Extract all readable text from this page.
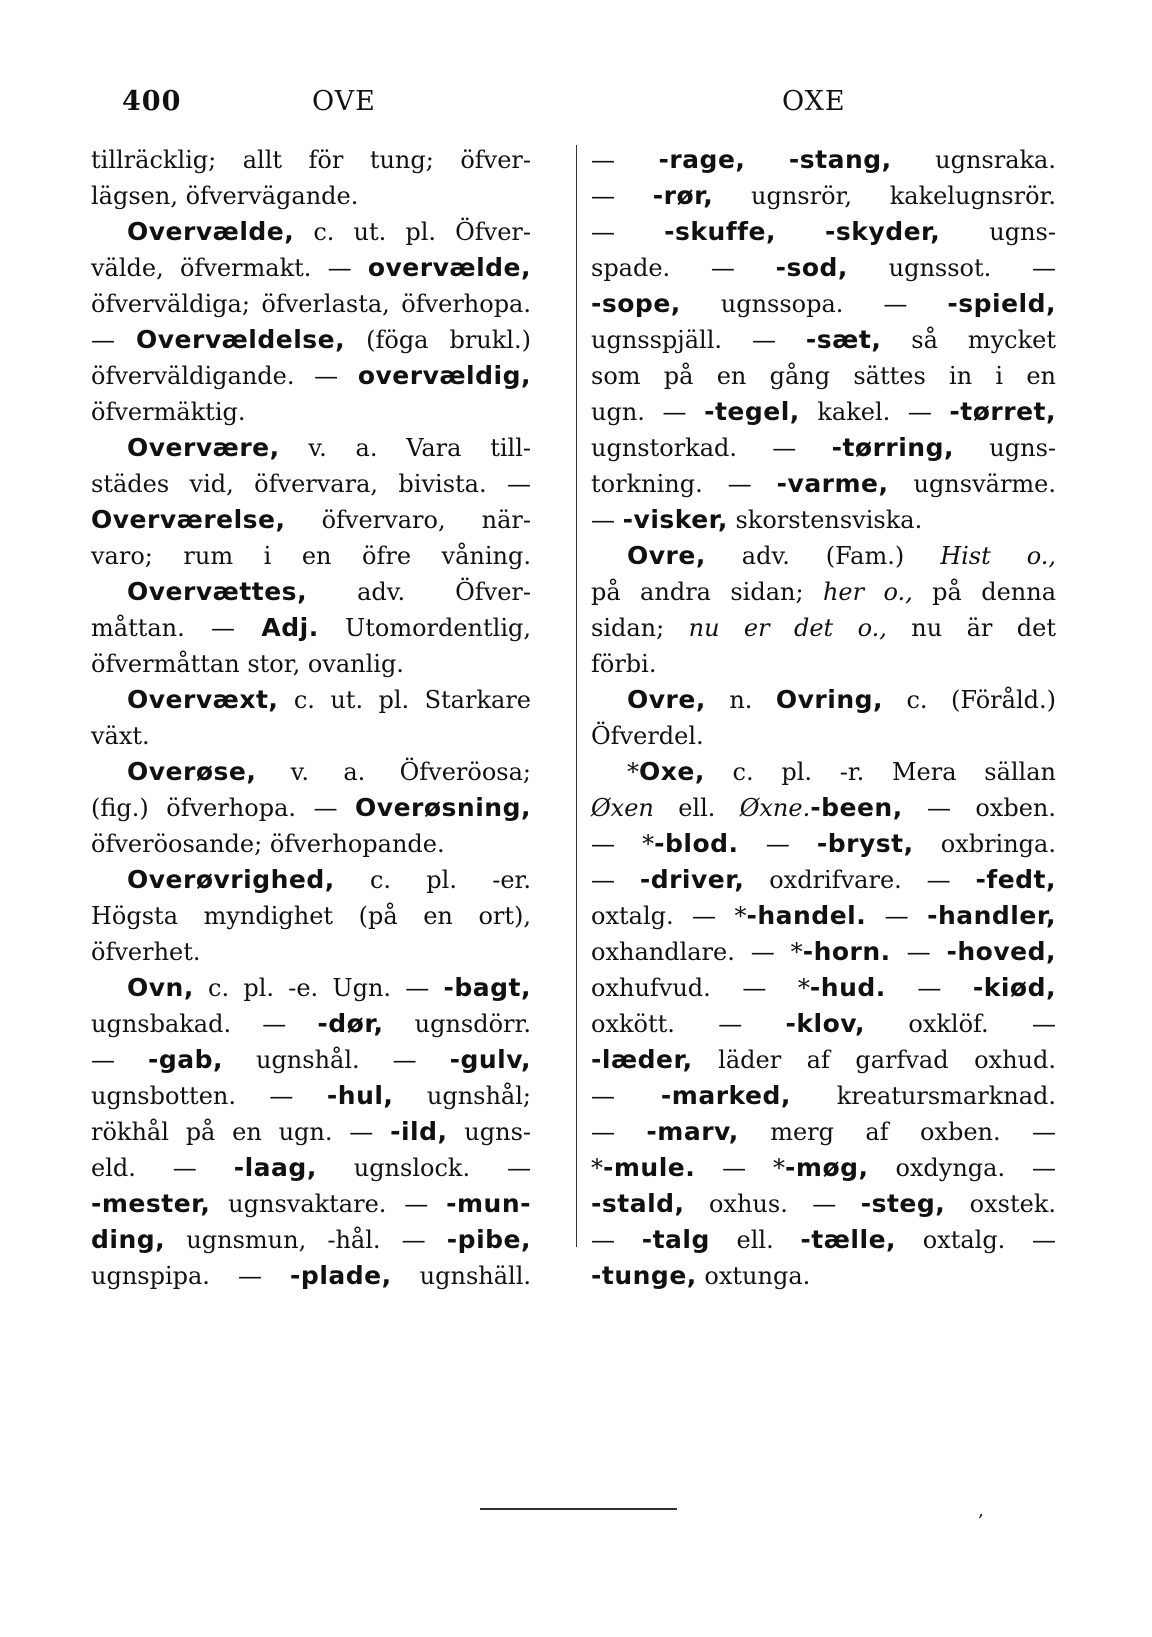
400	OVE	OXE
tillräcklig; allt för tung; öfver-
lägsen, öfvervägande.
Overvælde, c. ut. pl. Öfver-
välde, öfvermakt. — overvælde,
öfverväldiga; öfverlasta, öfverhopa.
— Overvældelse, (föga brukl.)
öfverväldigande. — overvældig,
öfvermäktig.
Overvære, v. a. Vara till-
städes vid, öfvervara, bivista. —
Overværelse, öfvervaro, när-
varo; rum i en öfre våning.
Overvættes, adv. Öfver-
måttan. — Adj. Utomordentlig,
öfvermåttan stor, ovanlig.
Overvæxt, c. ut. pl. Starkare
växt.
Overøse, v. a. Öfveröosa;
(fig.) öfverhopa. — Overøsning,
öfveröosande; öfverhopande.
Overøvrighed, c. pl. -er.
Högsta myndighet (på en ort),
öfverhet.
Ovn, c. pl. -e. Ugn. — -bagt,
ugnsbakad. — -dør, ugnsdörr.
— -gab, ugnshål. — -gulv,
ugnsbotten. — -hul, ugnshål;
rökhål på en ugn. — -ild, ugns-
eld. — -laag, ugnslock. —
-mester, ugnsvaktare. — -mun-
ding, ugnsmun, -hål. — -pibe,
ugnspipa. — -plade, ugnshäll.
— -rage, -stang, ugnsraka.
— -rør, ugnsrör, kakelugnsrör.
— -skuffe, -skyder, ugns-
spade. — -sod, ugnssot. —
-sope, ugnssopa. — -spield,
ugnsspjäll. — -sæt, så mycket
som på en gång sättes in i en
ugn. — -tegel, kakel. — -tørret,
ugnstorkad. — -tørring, ugns-
torkning. — -varme, ugnsvärme.
— -visker, skorstensviska.
Ovre, adv. (Fam.) Hist o.,
på andra sidan; her o., på denna
sidan; nu er det o., nu är det
förbi.
Ovre, n. Ovring, c. (Föråld.)
Öfverdel.
*Oxe, c. pl. -r. Mera sällan
Øxen ell. Øxne.-been, — oxben.
— *-blod. — -bryst, oxbringa.
— -driver, oxdrifvare. — -fedt,
oxtalg. — *-handel. — -handler,
oxhandlare. — *-horn. — -hoved,
oxhufvud. — *-hud. — -kiød,
oxkött. — -klov, oxklöf. —
-læder, läder af garfvad oxhud.
— -marked, kreatursmarknad.
— -marv, merg af oxben. —
*-mule. — *-møg, oxdynga. —
-stald, oxhus. — -steg, oxstek.
— -talg ell. -tælle, oxtalg. —
-tunge, oxtunga.
‚
